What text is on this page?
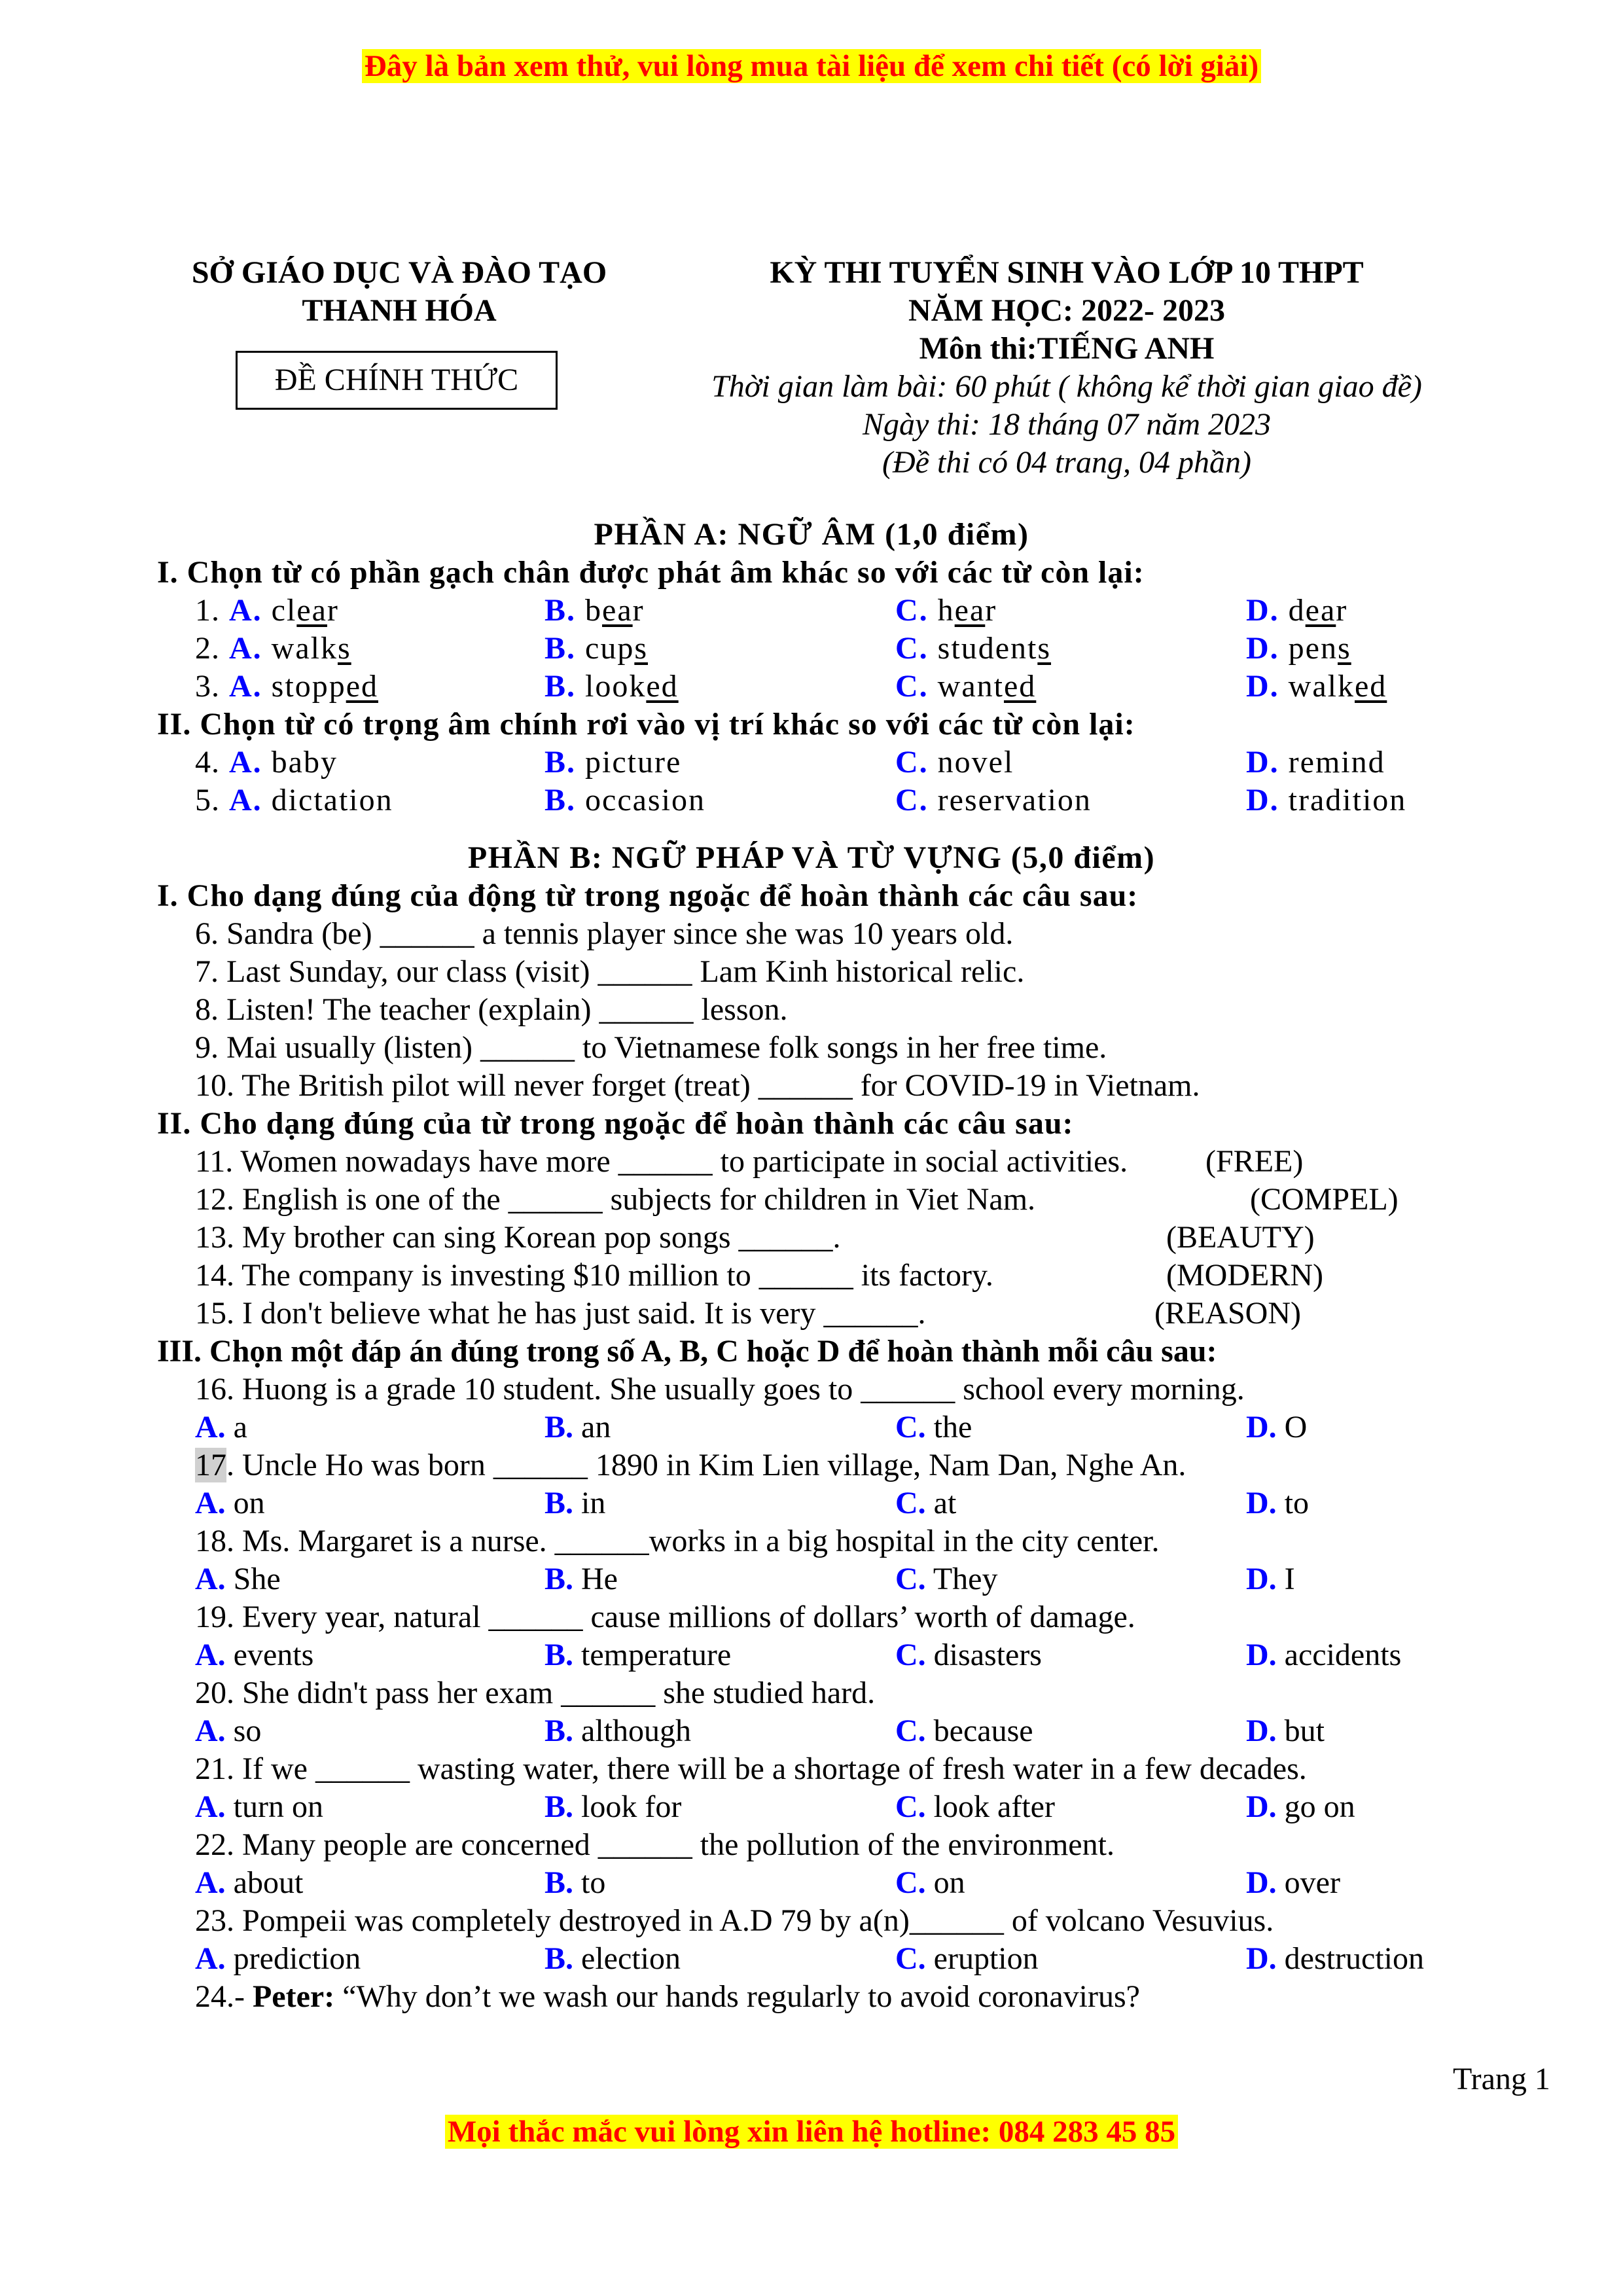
Đây là bản xem thử, vui lòng mua tài liệu để xem chi tiết (có lời giải)
SỞ GIÁO DỤC VÀ ĐÀO TẠO
THANH HÓA
ĐỀ CHÍNH THỨC
KỲ THI TUYỂN SINH VÀO LỚP 10 THPT
NĂM HỌC: 2022- 2023
Môn thi:TIẾNG ANH
Thời gian làm bài: 60 phút ( không kể thời gian giao đề)
Ngày thi: 18 tháng 07 năm 2023
(Đề thi có 04 trang, 04 phần)
PHẦN A: NGỮ ÂM (1,0 điểm)
I. Chọn từ có phần gạch chân được phát âm khác so với các từ còn lại:
1. A. clear	B. bear	C. hear	D. dear
2. A. walks	B. cups	C. students	D. pens
3. A. stopped	B. looked	C. wanted	D. walked
II. Chọn từ có trọng âm chính rơi vào vị trí khác so với các từ còn lại:
4. A. baby	B. picture	C. novel	D. remind
5. A. dictation	B. occasion	C. reservation	D. tradition
PHẦN B: NGỮ PHÁP VÀ TỪ VỰNG (5,0 điểm)
I. Cho dạng đúng của động từ trong ngoặc để hoàn thành các câu sau:
6. Sandra (be) ______ a tennis player since she was 10 years old.
7. Last Sunday, our class (visit) ______ Lam Kinh historical relic.
8. Listen! The teacher (explain) ______ lesson.
9. Mai usually (listen) ______ to Vietnamese folk songs in her free time.
10. The British pilot will never forget (treat) ______ for COVID-19 in Vietnam.
II. Cho dạng đúng của từ trong ngoặc để hoàn thành các câu sau:
11. Women nowadays have more ______ to participate in social activities. (FREE)
12. English is one of the ______ subjects for children in Viet Nam.	(COMPEL)
13. My brother can sing Korean pop songs ______.	(BEAUTY)
14. The company is investing $10 million to ______ its factory.	(MODERN)
15. I don't believe what he has just said. It is very ______.	(REASON)
III. Chọn một đáp án đúng trong số A, B, C hoặc D để hoàn thành mỗi câu sau:
16. Huong is a grade 10 student. She usually goes to ______ school every morning.
A. a	B. an	C. the	D. O
17. Uncle Ho was born ______ 1890 in Kim Lien village, Nam Dan, Nghe An.
A. on	B. in	C. at	D. to
18. Ms. Margaret is a nurse. ______works in a big hospital in the city center.
A. She	B. He	C. They	D. I
19. Every year, natural ______ cause millions of dollars’ worth of damage.
A. events	B. temperature	C. disasters	D. accidents
20. She didn't pass her exam ______ she studied hard.
A. so	B. although	C. because	D. but
21. If we ______ wasting water, there will be a shortage of fresh water in a few decades.
A. turn on	B. look for	C. look after	D. go on
22. Many people are concerned ______ the pollution of the environment.
A. about	B. to	C. on	D. over
23. Pompeii was completely destroyed in A.D 79 by a(n)______ of volcano Vesuvius.
A. prediction	B. election	C. eruption	D. destruction
24.- Peter: “Why don’t we wash our hands regularly to avoid coronavirus?
Trang 1
Mọi thắc mắc vui lòng xin liên hệ hotline: 084 283 45 85
